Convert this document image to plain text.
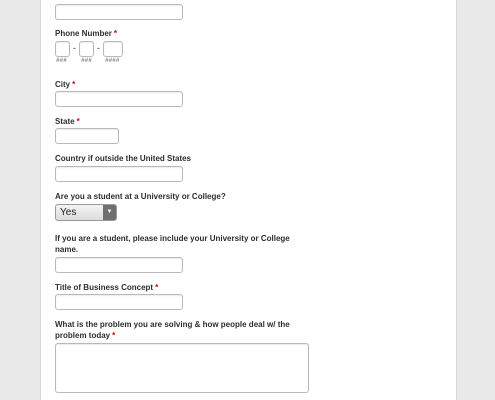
Phone Number *
- -
### ### ####
City *
State *
Country if outside the United States
Are you a student at a University or College?
Yes	▼
If you are a student, please include your University or College name.
Title of Business Concept *
What is the problem you are solving & how people deal w/ the problem today *
